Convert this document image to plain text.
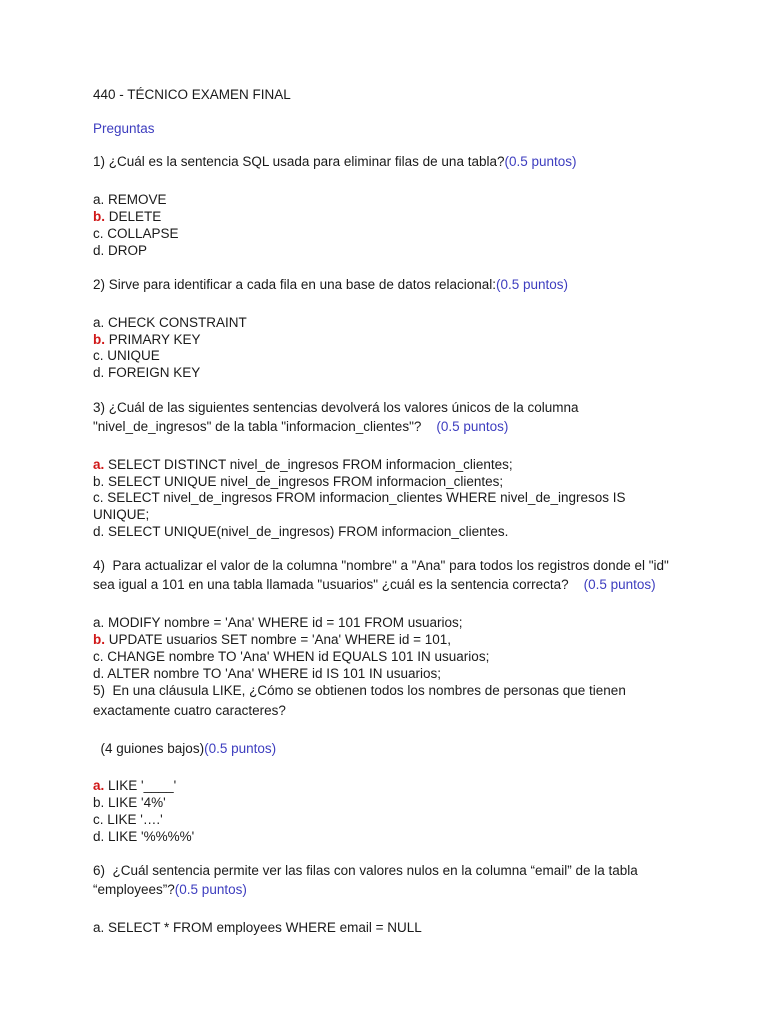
440 - TÉCNICO EXAMEN FINAL
Preguntas
1) ¿Cuál es la sentencia SQL usada para eliminar filas de una tabla?(0.5 puntos)
a. REMOVE
b. DELETE
c. COLLAPSE
d. DROP
2) Sirve para identificar a cada fila en una base de datos relacional:(0.5 puntos)
a. CHECK CONSTRAINT
b. PRIMARY KEY
c. UNIQUE
d. FOREIGN KEY
3) ¿Cuál de las siguientes sentencias devolverá los valores únicos de la columna
"nivel_de_ingresos" de la tabla "informacion_clientes"? (0.5 puntos)
a. SELECT DISTINCT nivel_de_ingresos FROM informacion_clientes;
b. SELECT UNIQUE nivel_de_ingresos FROM informacion_clientes;
c. SELECT nivel_de_ingresos FROM informacion_clientes WHERE nivel_de_ingresos IS
UNIQUE;
d. SELECT UNIQUE(nivel_de_ingresos) FROM informacion_clientes.
4)  Para actualizar el valor de la columna "nombre" a "Ana" para todos los registros donde el "id"
sea igual a 101 en una tabla llamada "usuarios" ¿cuál es la sentencia correcta? (0.5 puntos)
a. MODIFY nombre = 'Ana' WHERE id = 101 FROM usuarios;
b. UPDATE usuarios SET nombre = 'Ana' WHERE id = 101,
c. CHANGE nombre TO 'Ana' WHEN id EQUALS 101 IN usuarios;
d. ALTER nombre TO 'Ana' WHERE id IS 101 IN usuarios;
5)  En una cláusula LIKE, ¿Cómo se obtienen todos los nombres de personas que tienen
exactamente cuatro caracteres?
(4 guiones bajos)(0.5 puntos)
a. LIKE '____'
b. LIKE '4%'
c. LIKE '….'
d. LIKE '%%%%'
6)  ¿Cuál sentencia permite ver las filas con valores nulos en la columna “email” de la tabla
“employees”?(0.5 puntos)
a. SELECT * FROM employees WHERE email = NULL
